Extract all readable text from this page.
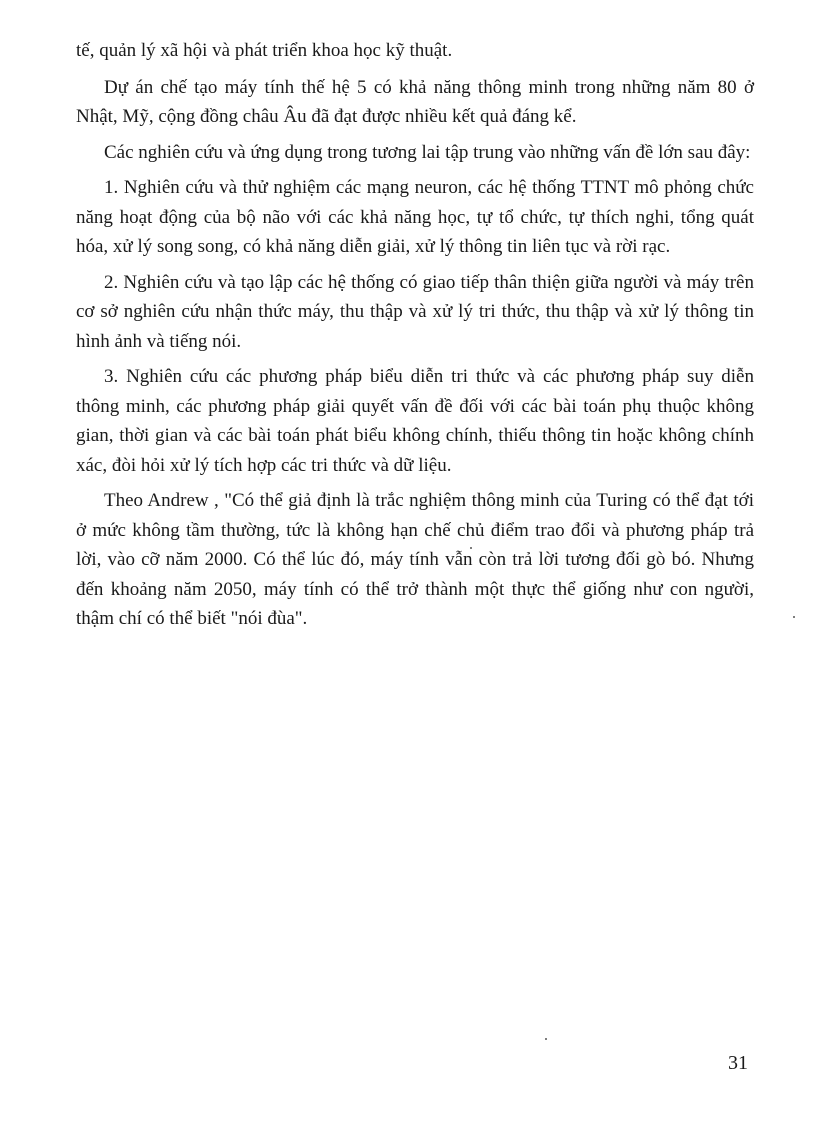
tế, quản lý xã hội và phát triển khoa học kỹ thuật.

Dự án chế tạo máy tính thế hệ 5 có khả năng thông minh trong những năm 80 ở Nhật, Mỹ, cộng đồng châu Âu đã đạt được nhiều kết quả đáng kể.

Các nghiên cứu và ứng dụng trong tương lai tập trung vào những vấn đề lớn sau đây:

1. Nghiên cứu và thử nghiệm các mạng neuron, các hệ thống TTNT mô phỏng chức năng hoạt động của bộ não với các khả năng học, tự tổ chức, tự thích nghi, tổng quát hóa, xử lý song song, có khả năng diễn giải, xử lý thông tin liên tục và rời rạc.

2. Nghiên cứu và tạo lập các hệ thống có giao tiếp thân thiện giữa người và máy trên cơ sở nghiên cứu nhận thức máy, thu thập và xử lý tri thức, thu thập và xử lý thông tin hình ảnh và tiếng nói.

3. Nghiên cứu các phương pháp biểu diễn tri thức và các phương pháp suy diễn thông minh, các phương pháp giải quyết vấn đề đối với các bài toán phụ thuộc không gian, thời gian và các bài toán phát biểu không chính, thiếu thông tin hoặc không chính xác, đòi hỏi xử lý tích hợp các tri thức và dữ liệu.

Theo Andrew , "Có thể giả định là trắc nghiệm thông minh của Turing có thể đạt tới ở mức không tầm thường, tức là không hạn chế chủ điểm trao đổi và phương pháp trả lời, vào cỡ năm 2000. Có thể lúc đó, máy tính vẫn còn trả lời tương đối gò bó. Nhưng đến khoảng năm 2050, máy tính có thể trở thành một thực thể giống như con người, thậm chí có thể biết "nói đùa".

31
